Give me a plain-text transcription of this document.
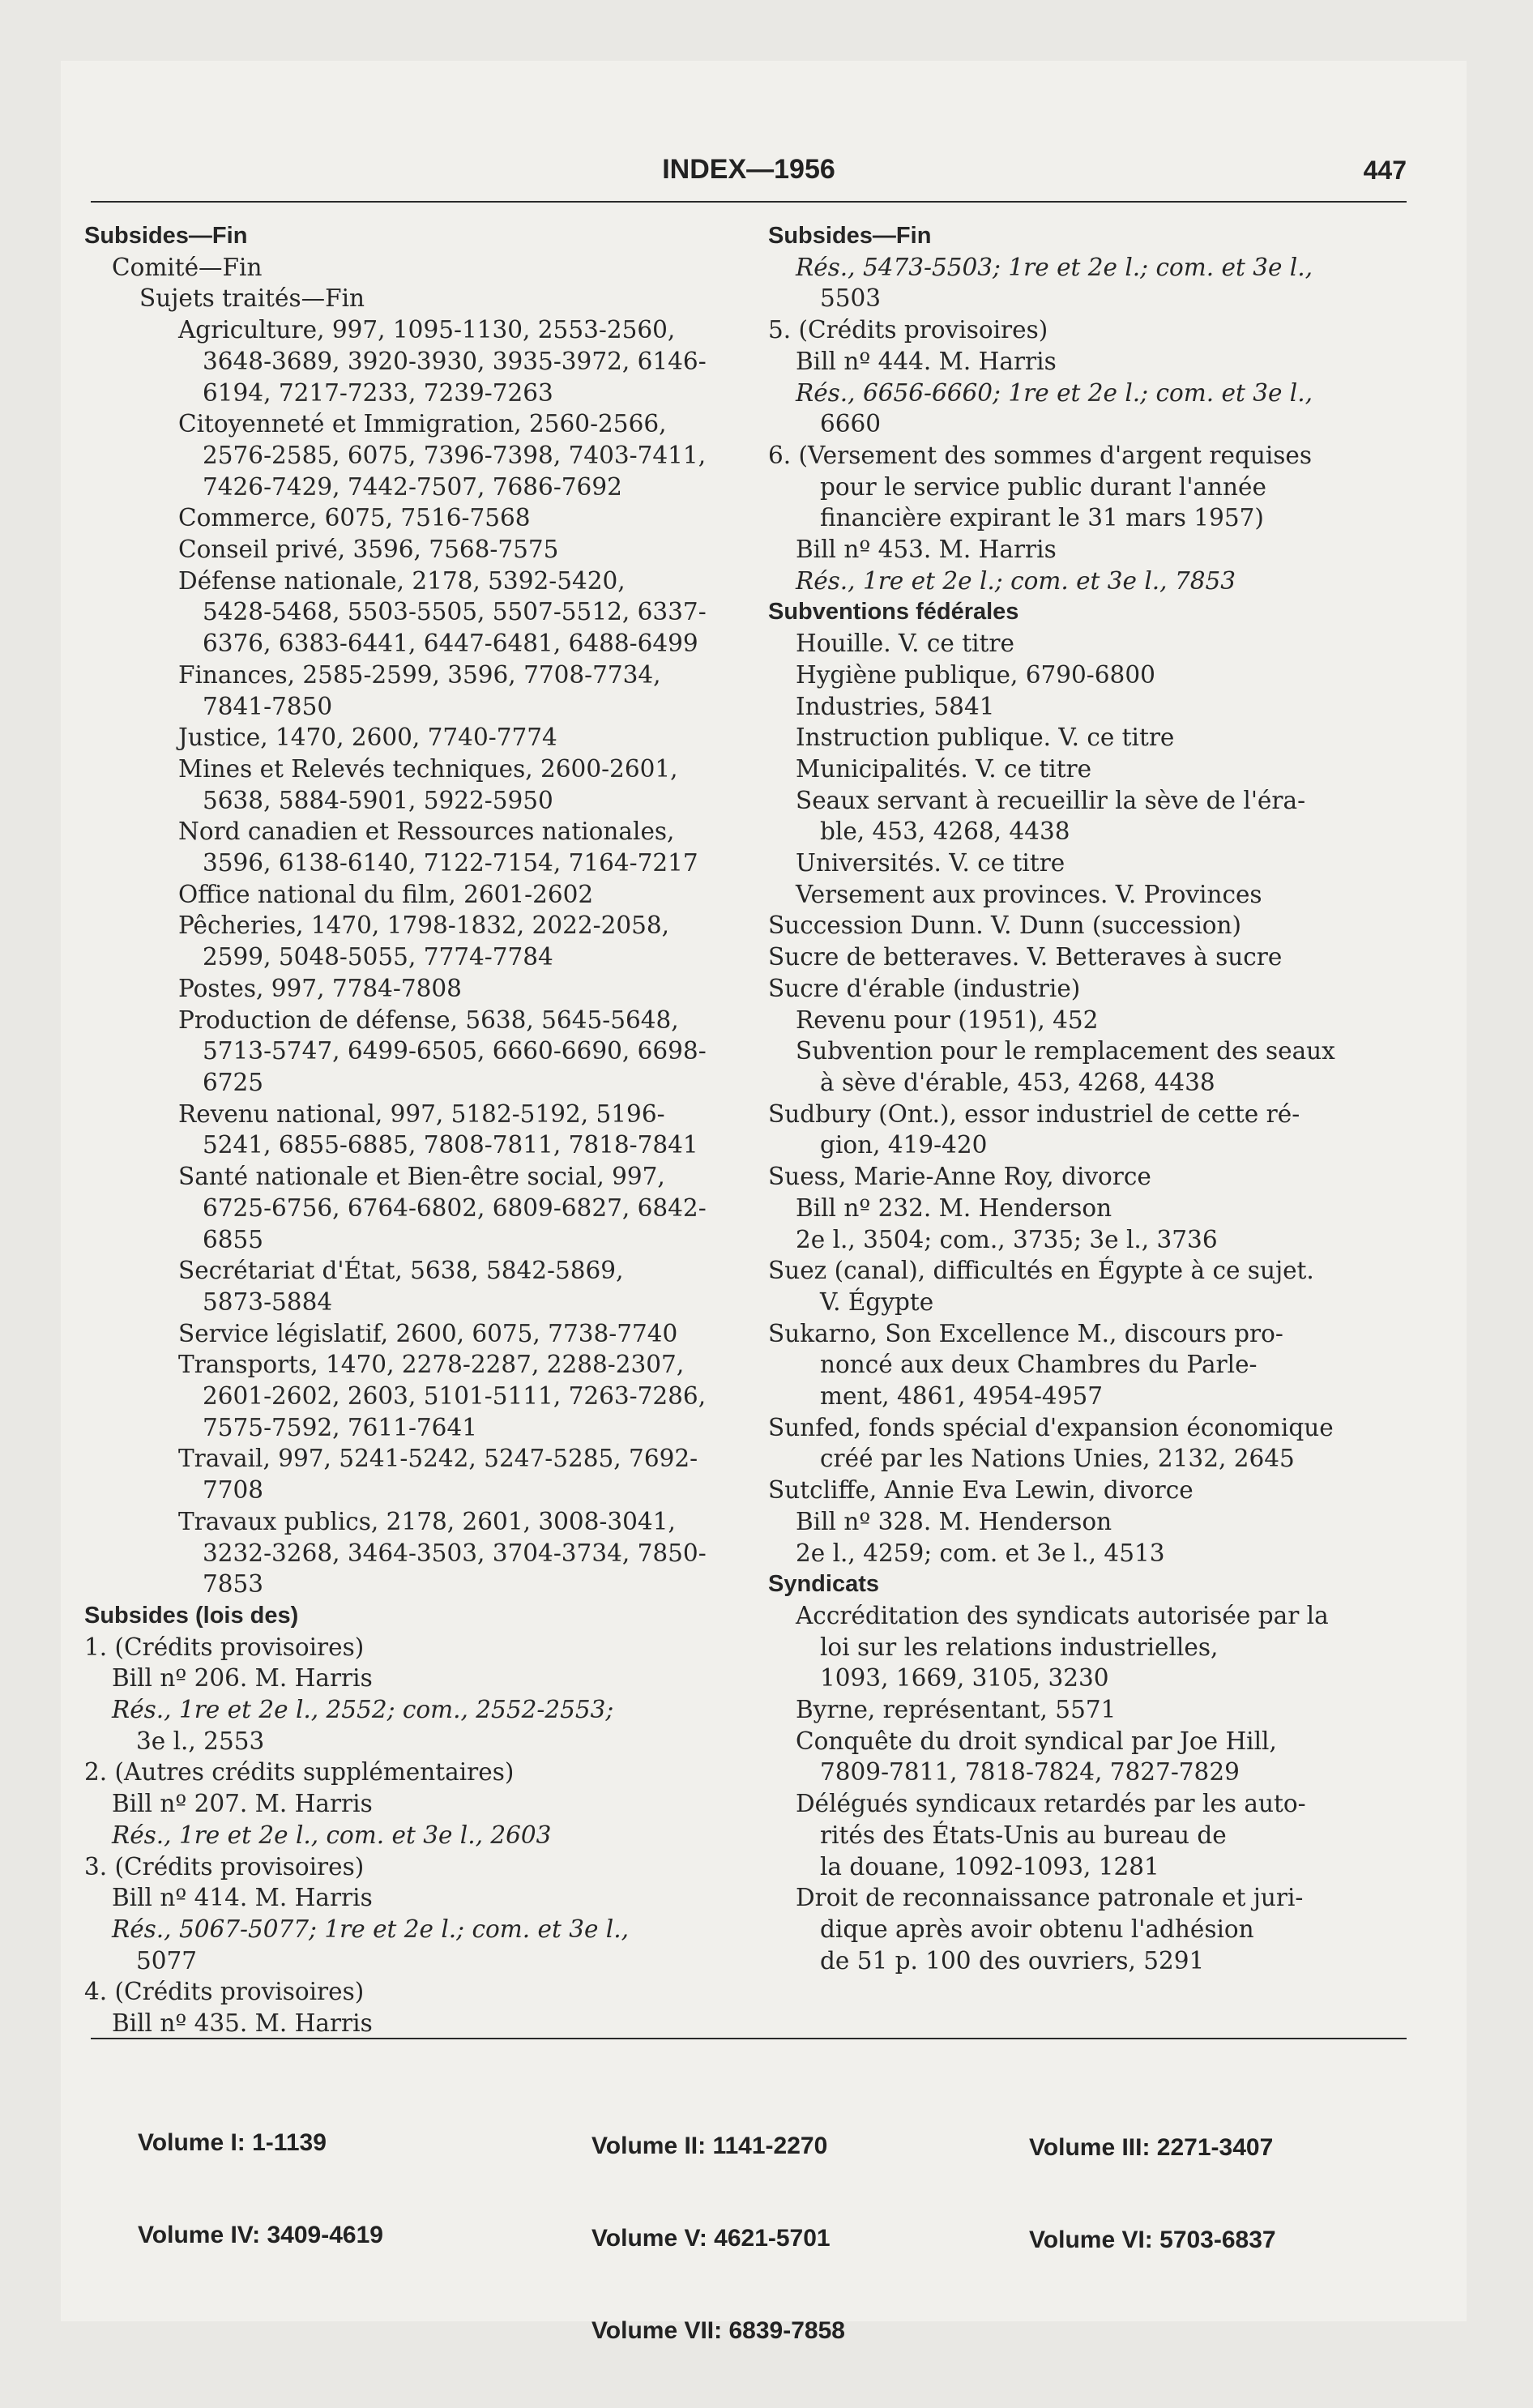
INDEX—1956	447
Subsides—Fin
Comité—Fin
Sujets traités—Fin
Agriculture, 997, 1095-1130, 2553-2560,
3648-3689, 3920-3930, 3935-3972, 6146-
6194, 7217-7233, 7239-7263
Citoyenneté et Immigration, 2560-2566,
2576-2585, 6075, 7396-7398, 7403-7411,
7426-7429, 7442-7507, 7686-7692
Commerce, 6075, 7516-7568
Conseil privé, 3596, 7568-7575
Défense nationale, 2178, 5392-5420,
5428-5468, 5503-5505, 5507-5512, 6337-
6376, 6383-6441, 6447-6481, 6488-6499
Finances, 2585-2599, 3596, 7708-7734,
7841-7850
Justice, 1470, 2600, 7740-7774
Mines et Relevés techniques, 2600-2601,
5638, 5884-5901, 5922-5950
Nord canadien et Ressources nationales,
3596, 6138-6140, 7122-7154, 7164-7217
Office national du film, 2601-2602
Pêcheries, 1470, 1798-1832, 2022-2058,
2599, 5048-5055, 7774-7784
Postes, 997, 7784-7808
Production de défense, 5638, 5645-5648,
5713-5747, 6499-6505, 6660-6690, 6698-
6725
Revenu national, 997, 5182-5192, 5196-
5241, 6855-6885, 7808-7811, 7818-7841
Santé nationale et Bien-être social, 997,
6725-6756, 6764-6802, 6809-6827, 6842-
6855
Secrétariat d'État, 5638, 5842-5869,
5873-5884
Service législatif, 2600, 6075, 7738-7740
Transports, 1470, 2278-2287, 2288-2307,
2601-2602, 2603, 5101-5111, 7263-7286,
7575-7592, 7611-7641
Travail, 997, 5241-5242, 5247-5285, 7692-
7708
Travaux publics, 2178, 2601, 3008-3041,
3232-3268, 3464-3503, 3704-3734, 7850-
7853
Subsides (lois des)
1. (Crédits provisoires)
Bill nº 206. M. Harris
Rés., 1re et 2e l., 2552; com., 2552-2553;
3e l., 2553
2. (Autres crédits supplémentaires)
Bill nº 207. M. Harris
Rés., 1re et 2e l., com. et 3e l., 2603
3. (Crédits provisoires)
Bill nº 414. M. Harris
Rés., 5067-5077; 1re et 2e l.; com. et 3e l.,
5077
4. (Crédits provisoires)
Bill nº 435. M. Harris
Subsides—Fin
Rés., 5473-5503; 1re et 2e l.; com. et 3e l.,
5503
5. (Crédits provisoires)
Bill nº 444. M. Harris
Rés., 6656-6660; 1re et 2e l.; com. et 3e l.,
6660
6. (Versement des sommes d'argent requises
pour le service public durant l'année
financière expirant le 31 mars 1957)
Bill nº 453. M. Harris
Rés., 1re et 2e l.; com. et 3e l., 7853
Subventions fédérales
Houille. V. ce titre
Hygiène publique, 6790-6800
Industries, 5841
Instruction publique. V. ce titre
Municipalités. V. ce titre
Seaux servant à recueillir la sève de l'éra-
ble, 453, 4268, 4438
Universités. V. ce titre
Versement aux provinces. V. Provinces
Succession Dunn. V. Dunn (succession)
Sucre de betteraves. V. Betteraves à sucre
Sucre d'érable (industrie)
Revenu pour (1951), 452
Subvention pour le remplacement des seaux
à sève d'érable, 453, 4268, 4438
Sudbury (Ont.), essor industriel de cette ré-
gion, 419-420
Suess, Marie-Anne Roy, divorce
Bill nº 232. M. Henderson
2e l., 3504; com., 3735; 3e l., 3736
Suez (canal), difficultés en Égypte à ce sujet.
V. Égypte
Sukarno, Son Excellence M., discours pro-
noncé aux deux Chambres du Parle-
ment, 4861, 4954-4957
Sunfed, fonds spécial d'expansion économique
créé par les Nations Unies, 2132, 2645
Sutcliffe, Annie Eva Lewin, divorce
Bill nº 328. M. Henderson
2e l., 4259; com. et 3e l., 4513
Syndicats
Accréditation des syndicats autorisée par la
loi sur les relations industrielles,
1093, 1669, 3105, 3230
Byrne, représentant, 5571
Conquête du droit syndical par Joe Hill,
7809-7811, 7818-7824, 7827-7829
Délégués syndicaux retardés par les auto-
rités des États-Unis au bureau de
la douane, 1092-1093, 1281
Droit de reconnaissance patronale et juri-
dique après avoir obtenu l'adhésion
de 51 p. 100 des ouvriers, 5291

Volume I: 1-1139

Volume IV: 3409-4619

Volume II: 1141-2270

Volume V: 4621-5701

Volume VII: 6839-7858

Volume III: 2271-3407

Volume VI: 5703-6837
